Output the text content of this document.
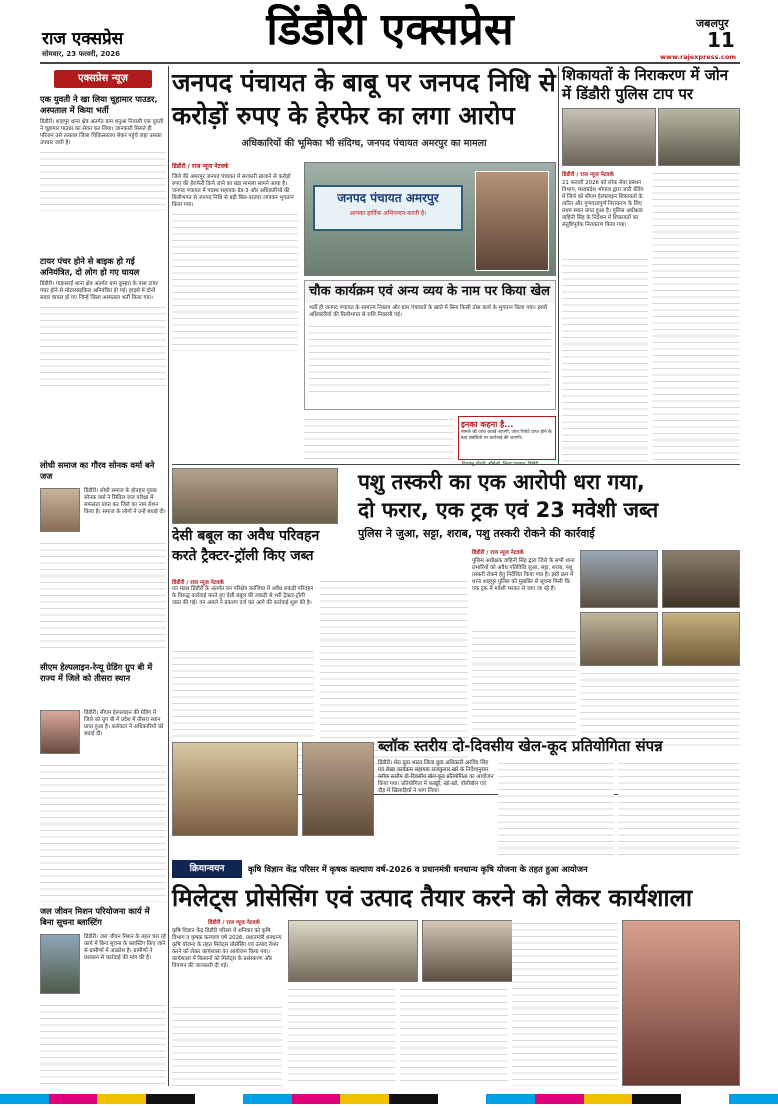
राज एक्सप्रेस
सोमवार, 23 फरवरी, 2026	डिंडौरी एक्सप्रेस	जबलपुर
11
www.rajexpress.com
एक्सप्रेस न्यूज़
एक युवती ने खा लिया चूहामार पाउडर, अस्पताल में किया भर्ती
डिंडौरी। शाहपुर थाना क्षेत्र अंतर्गत ग्राम धनुआ निवासी एक युवती ने चूहामार पाउडर का सेवन कर लिया। जानकारी मिलते ही परिजन उसे तत्काल जिला चिकित्सालय लेकर पहुंचे जहां उसका उपचार जारी है।
टायर पंचर होने से बाइक हो गई अनियंत्रित, दो लोग हो गए घायल
डिंडौरी। गाड़ासरई थाना क्षेत्र अंतर्गत ग्राम कुम्हरा के पास टायर पंचर होने से मोटरसाइकिल अनियंत्रित हो गई। हादसे में दोनों सवार घायल हो गए जिन्हें जिला अस्पताल भर्ती किया गया।
लोधी समाज का गौरव सोनक वर्मा बने जज
डिंडौरी। लोधी समाज के होनहार युवक सोनक वर्मा ने सिविल जज परीक्षा में सफलता प्राप्त कर जिले का नाम रोशन किया है। समाज के लोगों ने उन्हें बधाई दी।
सीएम हेल्पलाइन-रेन्यू ग्रेडिंग ग्रुप बी में राज्य में जिले को तीसरा स्थान
डिंडौरी। सीएम हेल्पलाइन की ग्रेडिंग में जिले को ग्रुप बी में प्रदेश में तीसरा स्थान प्राप्त हुआ है। कलेक्टर ने अधिकारियों को बधाई दी।
जल जीवन मिशन परियोजना कार्य में बिना सूचना ब्लास्टिंग
डिंडौरी। जल जीवन मिशन के तहत चल रहे कार्य में बिना सूचना के ब्लास्टिंग किए जाने से ग्रामीणों में आक्रोश है। ग्रामीणों ने प्रशासन से कार्रवाई की मांग की है।
जनपद पंचायत के बाबू पर जनपद निधि से
करोड़ों रुपए के हेरफेर का लगा आरोप
अधिकारियों की भूमिका भी संदिग्ध, जनपद पंचायत अमरपुर का मामला
डिंडौरी / राज न्यूज नेटवर्क
जिले की अमरपुर जनपद पंचायत में सरकारी खजाने से करोड़ों रुपए की हेराफेरी किये जाने का बड़ा मामला सामने आया है। जनपद पंचायत में पदस्थ सहायक ग्रेड-3 और अधिकारियों की मिलीभगत से जनपद निधि से बड़ी बिल-वाउचर लगाकर भुगतान किया गया।	जनपद पंचायत अमरपुर
आपका हार्दिक अभिनन्दन करती है।
चौक कार्यक्रम एवं अन्य व्यय के नाम पर किया खेल
भर्ती ही जनपद पंचायत के सामान्य निकाय और ग्राम पंचायतों के खाते में बिना किसी ठोस कार्य के भुगतान किया गया। इसमें अधिकारियों की मिलीभगत से राशि निकाली गई।
इनका कहना है...
मामले की जांच कराई जाएगी, जांच रिपोर्ट प्राप्त होने के बाद संबंधितों पर कार्रवाई की जाएगी।
शिकायतों के निराकरण में जोन में डिंडौरी पुलिस टाप पर
डिंडौरी / राज न्यूज नेटवर्क
21 फरवरी 2026 को लोक सेवा प्रबंधन विभाग, मध्यप्रदेश भोपाल द्वारा जारी ग्रेडिंग में जिले को सीएम हेल्पलाइन शिकायतों के त्वरित और गुणवत्तापूर्ण निराकरण के लिए प्रथम स्थान प्राप्त हुआ है। पुलिस अधीक्षक वाहिनी सिंह के निर्देशन में शिकायतों का संतुष्टिपूर्वक निराकरण किया गया।
देसी बबूल का अवैध परिवहन
करते ट्रैक्टर-ट्रॉली किए जब्त
डिंडौरी / राज न्यूज नेटवर्क
वन मंडल डिंडौरी के अंतर्गत वन परिक्षेत्र करंजिया में अवैध लकड़ी परिवहन के विरुद्ध कार्रवाई करते हुए देसी बबूल की लकड़ी से भरी ट्रैक्टर-ट्रॉली जब्त की गई। वन अमले ने प्रकरण दर्ज कर आगे की कार्रवाई शुरू की है।
पशु तस्करी का एक आरोपी धरा गया,
दो फरार, एक ट्रक एवं 23 मवेशी जब्त
पुलिस ने जुआ, सट्टा, शराब, पशु तस्करी रोकने की कार्रवाई
डिंडौरी / राज न्यूज नेटवर्क
पुलिस अधीक्षक वाहिनी सिंह द्वारा जिले के सभी थाना प्रभारियों को अवैध गतिविधि जुआ, सट्टा, शराब, पशु तस्करी रोकने हेतु निर्देशित किया गया है। इसी क्रम में थाना शाहपुर पुलिस को मुखबिर से सूचना मिली कि एक ट्रक में मवेशी भरकर ले जाए जा रहे हैं।
ब्लॉक स्तरीय दो-दिवसीय खेल-कूद प्रतियोगिता संपन्न
डिंडौरी। मेरा युवा भारत जिला युवा अधिकारी अरविंद सिंह एवं लेखा कार्यक्रम सहायक राजकुमार खरे के निर्देशानुसार ब्लॉक स्तरीय दो-दिवसीय खेल-कूद प्रतियोगिता का आयोजन किया गया। प्रतियोगिता में कबड्डी, खो-खो, वॉलीबॉल एवं दौड़ में खिलाड़ियों ने भाग लिया।
क्रियान्वयन	कृषि विज्ञान केंद्र परिसर में कृषक कल्याण वर्ष-2026 व प्रधानमंत्री धनधान्य कृषि योजना के तहत हुआ आयोजन
मिलेट्स प्रोसेसिंग एवं उत्पाद तैयार करने को लेकर कार्यशाला
डिंडौरी / राज न्यूज नेटवर्क
कृषि विज्ञान केंद्र डिंडौरी परिसर में शनिवार को कृषि विभाग व कृषक कल्याण वर्ष 2026, प्रधानमंत्री धनधान्य कृषि योजना के तहत मिलेट्स प्रोसेसिंग एवं उत्पाद तैयार करने को लेकर कार्यशाला का आयोजन किया गया। कार्यशाला में किसानों को मिलेट्स के प्रसंस्करण और विपणन की जानकारी दी गई।
